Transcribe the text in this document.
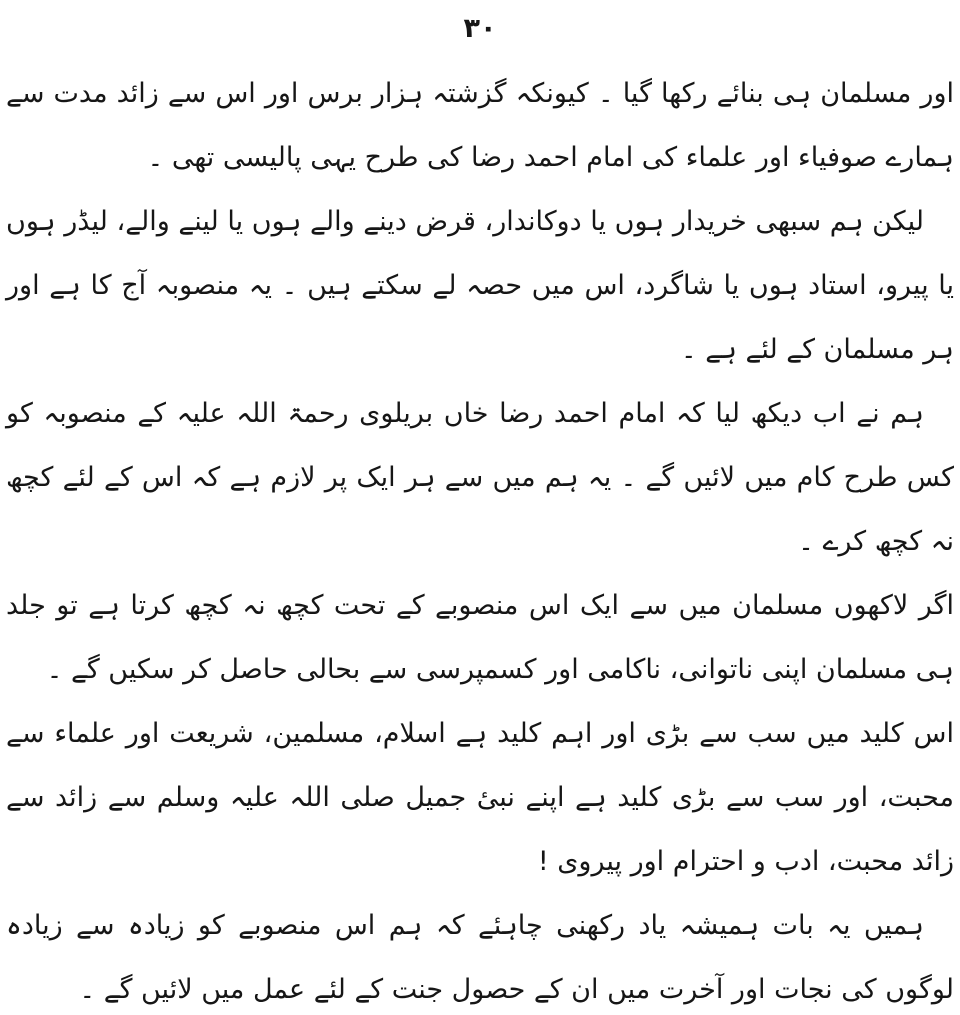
۳۰

اور مسلمان ہی بنائے رکھا گیا ۔ کیونکہ گزشتہ ہزار برس اور اس سے زائد مدت سے ہمارے صوفیاء اور علماء کی امام احمد رضا کی طرح یہی پالیسی تھی ۔

لیکن ہم سبھی خریدار ہوں یا دوکاندار، قرض دینے والے ہوں یا لینے والے، لیڈر ہوں یا پیرو، استاد ہوں یا شاگرد، اس میں حصہ لے سکتے ہیں ۔ یہ منصوبہ آج کا ہے اور ہر مسلمان کے لئے ہے ۔

ہم نے اب دیکھ لیا کہ امام احمد رضا خاں بریلوی رحمۃ اللہ علیہ کے منصوبہ کو کس طرح کام میں لائیں گے ۔ یہ ہم میں سے ہر ایک پر لازم ہے کہ اس کے لئے کچھ نہ کچھ کرے ۔

اگر لاکھوں مسلمان میں سے ایک اس منصوبے کے تحت کچھ نہ کچھ کرتا ہے تو جلد ہی مسلمان اپنی ناتوانی، ناکامی اور کسمپرسی سے بحالی حاصل کر سکیں گے ۔

اس کلید میں سب سے بڑی اور اہم کلید ہے اسلام، مسلمین، شریعت اور علماء سے محبت، اور سب سے بڑی کلید ہے اپنے نبیٔ جمیل صلی اللہ علیہ وسلم سے زائد سے زائد محبت، ادب و احترام اور پیروی !

ہمیں یہ بات ہمیشہ یاد رکھنی چاہئے کہ ہم اس منصوبے کو زیادہ سے زیادہ لوگوں کی نجات اور آخرت میں ان کے حصول جنت کے لئے عمل میں لائیں گے ۔
